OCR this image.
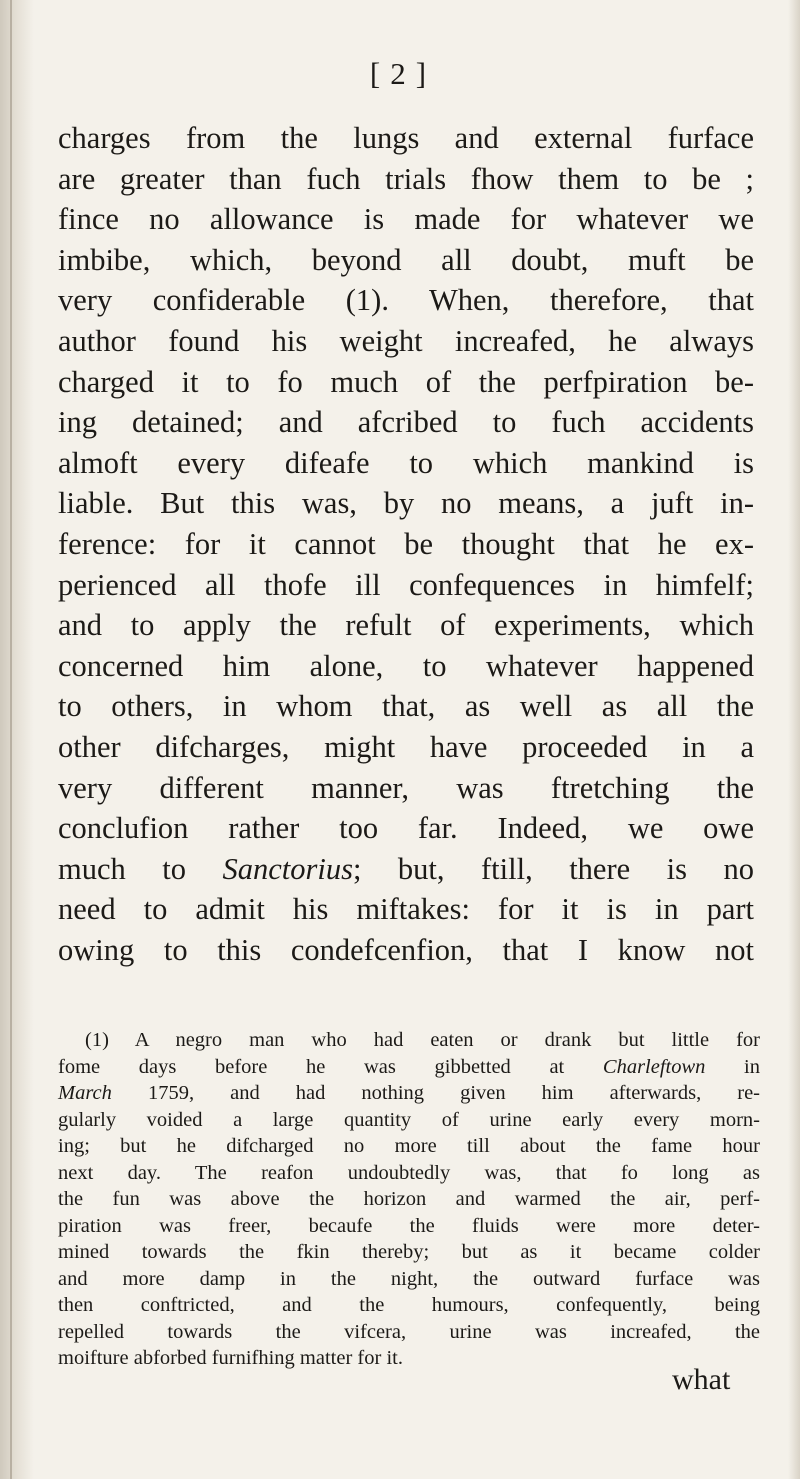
[ 2 ]
charges from the lungs and external furface
are greater than fuch trials fhow them to be ;
fince no allowance is made for whatever we
imbibe, which, beyond all doubt, muft be
very confiderable (1). When, therefore, that
author found his weight increafed, he always
charged it to fo much of the perfpiration be-
ing detained; and afcribed to fuch accidents
almoft every difeafe to which mankind is
liable. But this was, by no means, a juft in-
ference: for it cannot be thought that he ex-
perienced all thofe ill confequences in himfelf;
and to apply the refult of experiments, which
concerned him alone, to whatever happened
to others, in whom that, as well as all the
other difcharges, might have proceeded in a
very different manner, was ftretching the
conclufion rather too far. Indeed, we owe
much to Sanctorius; but, ftill, there is no
need to admit his miftakes: for it is in part
owing to this condefcenfion, that I know not
(1) A negro man who had eaten or drank but little for
fome days before he was gibbetted at Charleftown in
March 1759, and had nothing given him afterwards, re-
gularly voided a large quantity of urine early every morn-
ing; but he difcharged no more till about the fame hour
next day. The reafon undoubtedly was, that fo long as
the fun was above the horizon and warmed the air, perf-
piration was freer, becaufe the fluids were more deter-
mined towards the fkin thereby; but as it became colder
and more damp in the night, the outward furface was
then conftricted, and the humours, confequently, being
repelled towards the vifcera, urine was increafed, the
moifture abforbed furnifhing matter for it.
what
